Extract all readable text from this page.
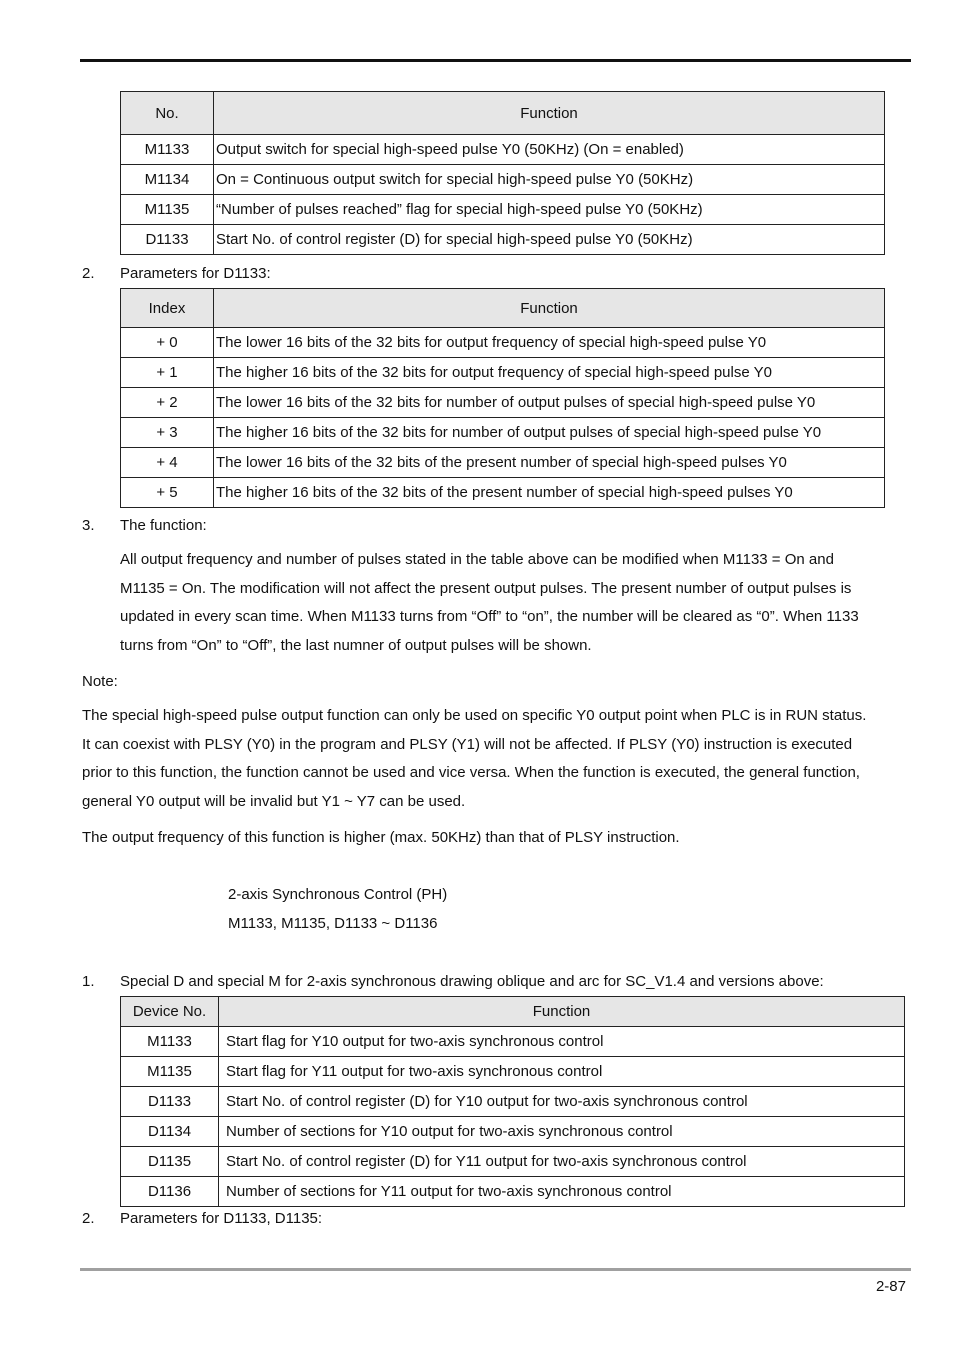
No.	Function
M1133	Output switch for special high-speed pulse Y0 (50KHz) (On = enabled)
M1134	On = Continuous output switch for special high-speed pulse Y0 (50KHz)
M1135	“Number of pulses reached” flag for special high-speed pulse Y0 (50KHz)
D1133	Start No. of control register (D) for special high-speed pulse Y0 (50KHz)
2. Parameters for D1133:
Index	Function
+ 0	The lower 16 bits of the 32 bits for output frequency of special high-speed pulse Y0
+ 1	The higher 16 bits of the 32 bits for output frequency of special high-speed pulse Y0
+ 2	The lower 16 bits of the 32 bits for number of output pulses of special high-speed pulse Y0
+ 3	The higher 16 bits of the 32 bits for number of output pulses of special high-speed pulse Y0
+ 4	The lower 16 bits of the 32 bits of the present number of special high-speed pulses Y0
+ 5	The higher 16 bits of the 32 bits of the present number of special high-speed pulses Y0
3. The function:
All output frequency and number of pulses stated in the table above can be modified when M1133 = On and
M1135 = On. The modification will not affect the present output pulses. The present number of output pulses is
updated in every scan time. When M1133 turns from “Off” to “on”, the number will be cleared as “0”. When 1133
turns from “On” to “Off”, the last numner of output pulses will be shown.
Note:
The special high-speed pulse output function can only be used on specific Y0 output point when PLC is in RUN status.
It can coexist with PLSY (Y0) in the program and PLSY (Y1) will not be affected. If PLSY (Y0) instruction is executed
prior to this function, the function cannot be used and vice versa. When the function is executed, the general function,
general Y0 output will be invalid but Y1 ~ Y7 can be used.
The output frequency of this function is higher (max. 50KHz) than that of PLSY instruction.
2-axis Synchronous Control (PH)
M1133, M1135, D1133 ~ D1136
1. Special D and special M for 2-axis synchronous drawing oblique and arc for SC_V1.4 and versions above:
Device No.	Function
M1133	Start flag for Y10 output for two-axis synchronous control
M1135	Start flag for Y11 output for two-axis synchronous control
D1133	Start No. of control register (D) for Y10 output for two-axis synchronous control
D1134	Number of sections for Y10 output for two-axis synchronous control
D1135	Start No. of control register (D) for Y11 output for two-axis synchronous control
D1136	Number of sections for Y11 output for two-axis synchronous control
2. Parameters for D1133, D1135:
2-87
